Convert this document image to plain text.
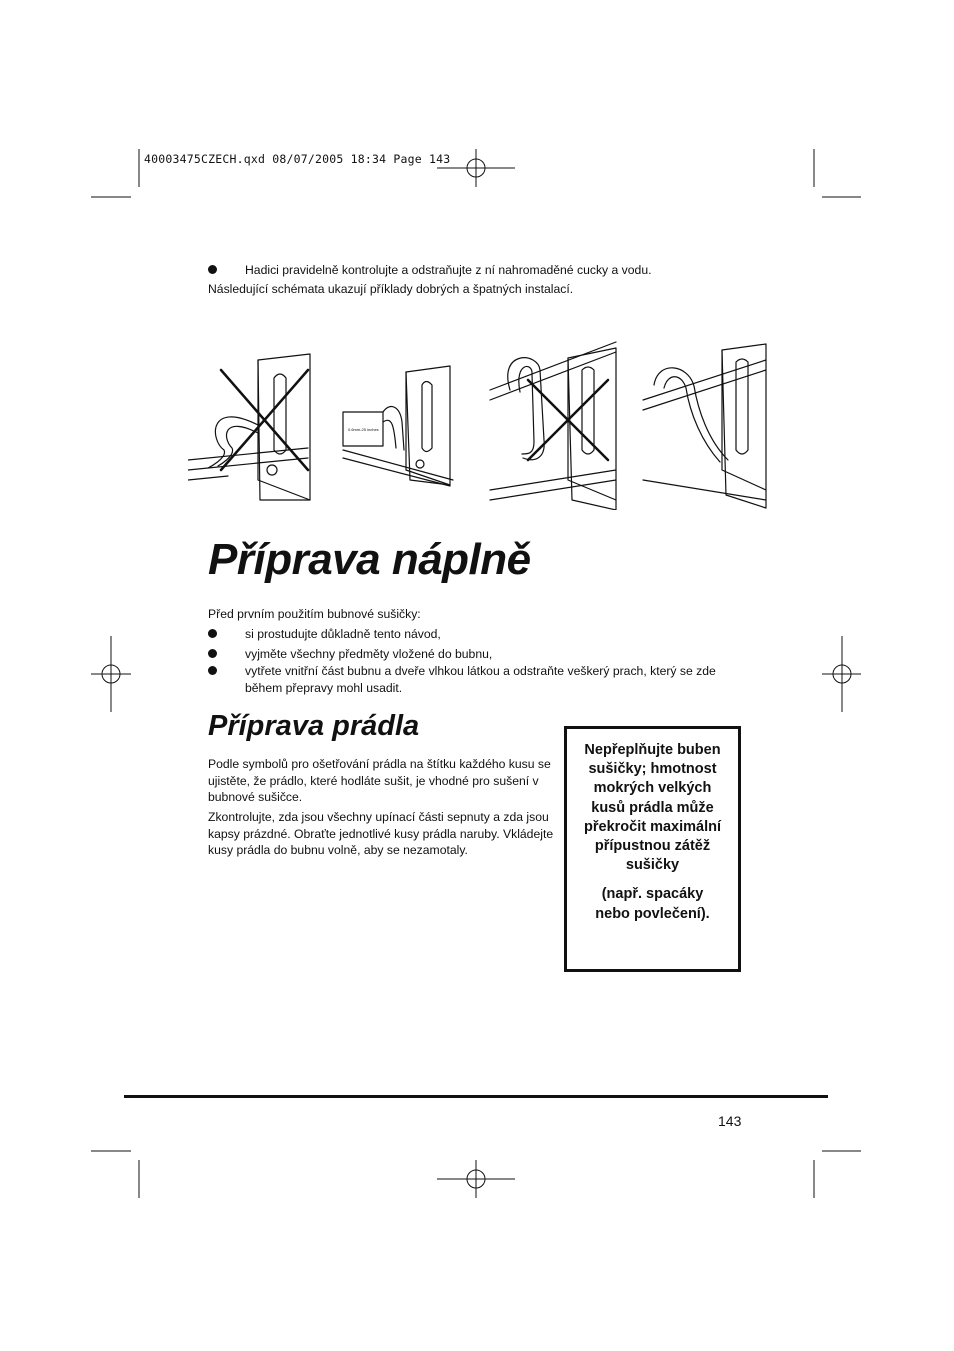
40003475CZECH.qxd 08/07/2005 18:34 Page 143
Hadici pravidelně kontrolujte a odstraňujte z ní nahromaděné cucky a vodu.
Následující schémata ukazují příklady dobrých a špatných instalací.
0.6mm-25 inches
Příprava náplně
Před prvním použitím bubnové sušičky:
si prostudujte důkladně tento návod,
vyjměte všechny předměty vložené do bubnu,
vytřete vnitřní část bubnu a dveře vlhkou látkou a odstraňte veškerý prach, který se zde během přepravy mohl usadit.
Příprava prádla
Podle symbolů pro ošetřování prádla na štítku každého kusu se ujistěte, že prádlo, které hodláte sušit, je vhodné pro sušení v bubnové sušičce.
Zkontrolujte, zda jsou všechny upínací části sepnuty a zda jsou kapsy prázdné. Obraťte jednotlivé kusy prádla naruby. Vkládejte kusy prádla do bubnu volně, aby se nezamotaly.

Nepřeplňujte buben sušičky; hmotnost mokrých velkých kusů prádla může překročit maximální přípustnou zátěž sušičky

(např. spacáky nebo povlečení).

143
